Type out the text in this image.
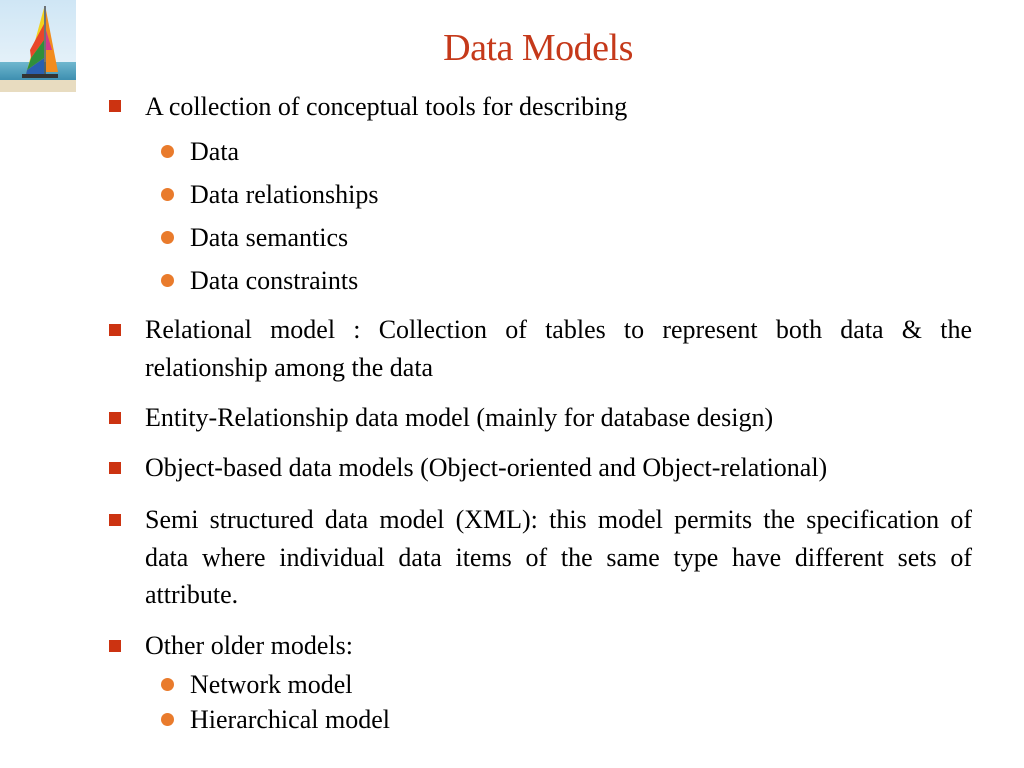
Data Models
A collection of conceptual tools for describing
Data
Data relationships
Data semantics
Data constraints
Relational model : Collection of tables to represent both data & the relationship among the data
Entity-Relationship data model (mainly for database design)
Object-based data models (Object-oriented and Object-relational)
Semi structured data model (XML): this model permits the specification of data where individual data items of the same type have different sets of attribute.
Other older models:
Network model
Hierarchical model
